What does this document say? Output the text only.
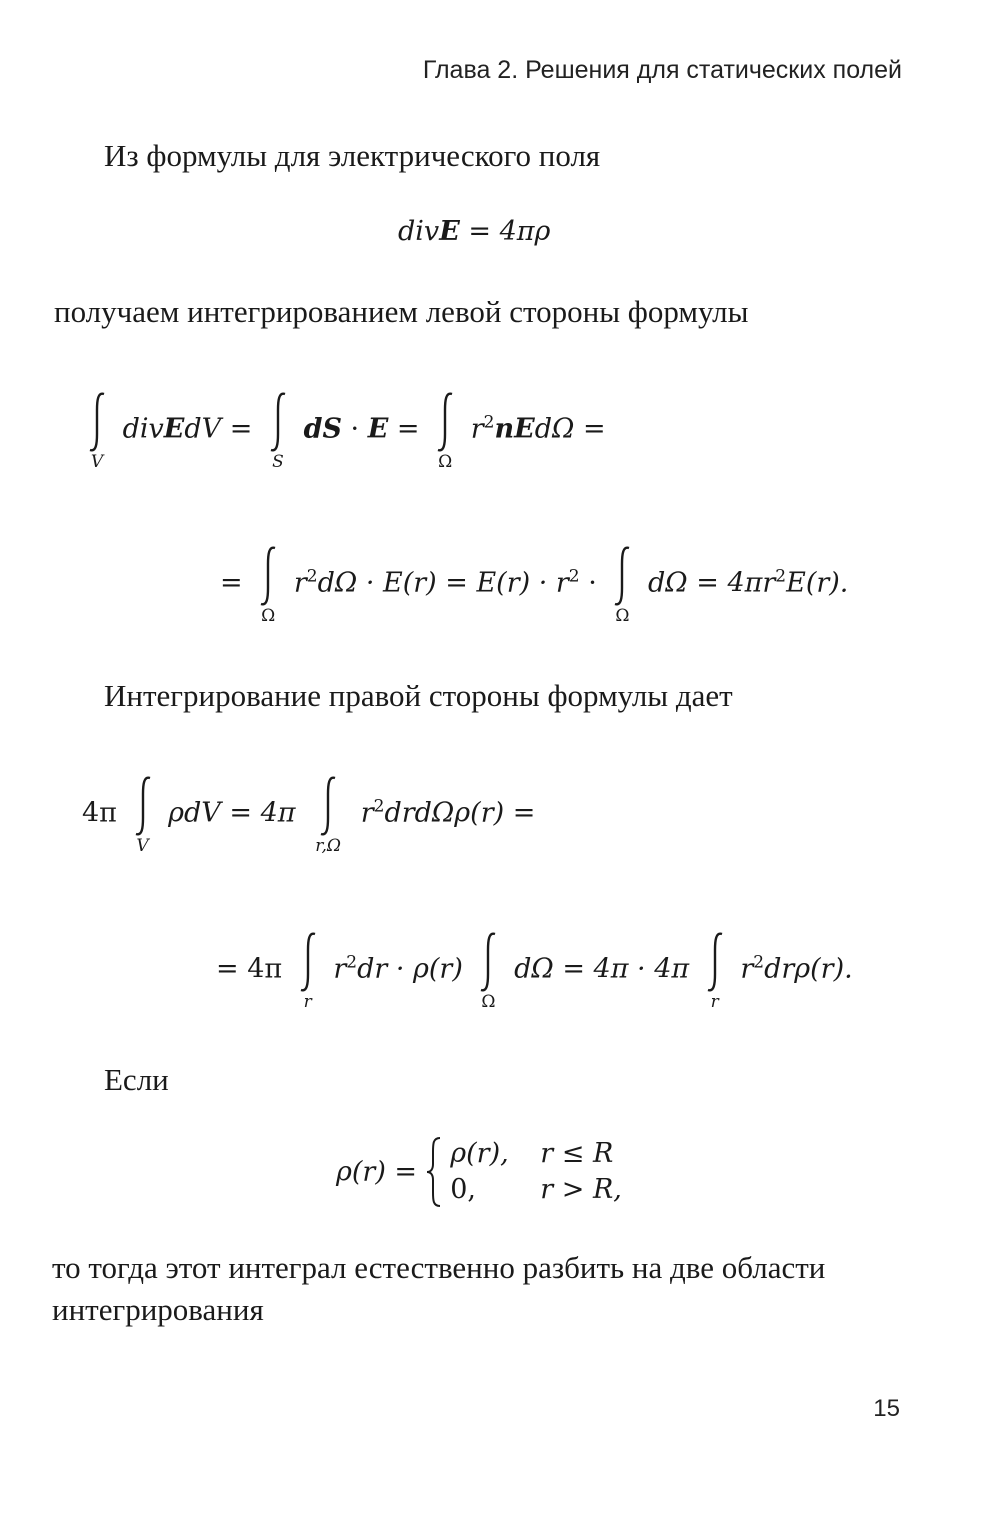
Глава 2. Решения для статических полей

Из формулы для электрического поля

divE = 4πρ

получаем интегрированием левой стороны формулы

V
divEdV =
S
dS · E =
Ω
$r^2nEd\Omega$ =
=
Ω
$r^2d\Omega \cdot E(r) = E(r) \cdot r^2$ ·
Ω
$d\Omega = 4\pi r^2E(r)$.

Интегрирование правой стороны формулы дает

4π
V
ρdV = 4π
r,Ω
$r^2drd\Omega\rho(r)$ =
= 4π
r
$r^2dr \cdot \rho(r)$
Ω
dΩ = 4π · 4π
r
$r^2dr\rho(r)$.

Если

ρ(r) =
ρ(r), r ≤ R
0, r > R,

то тогда этот интеграл естественно разбить на две области

интегрирования

15
